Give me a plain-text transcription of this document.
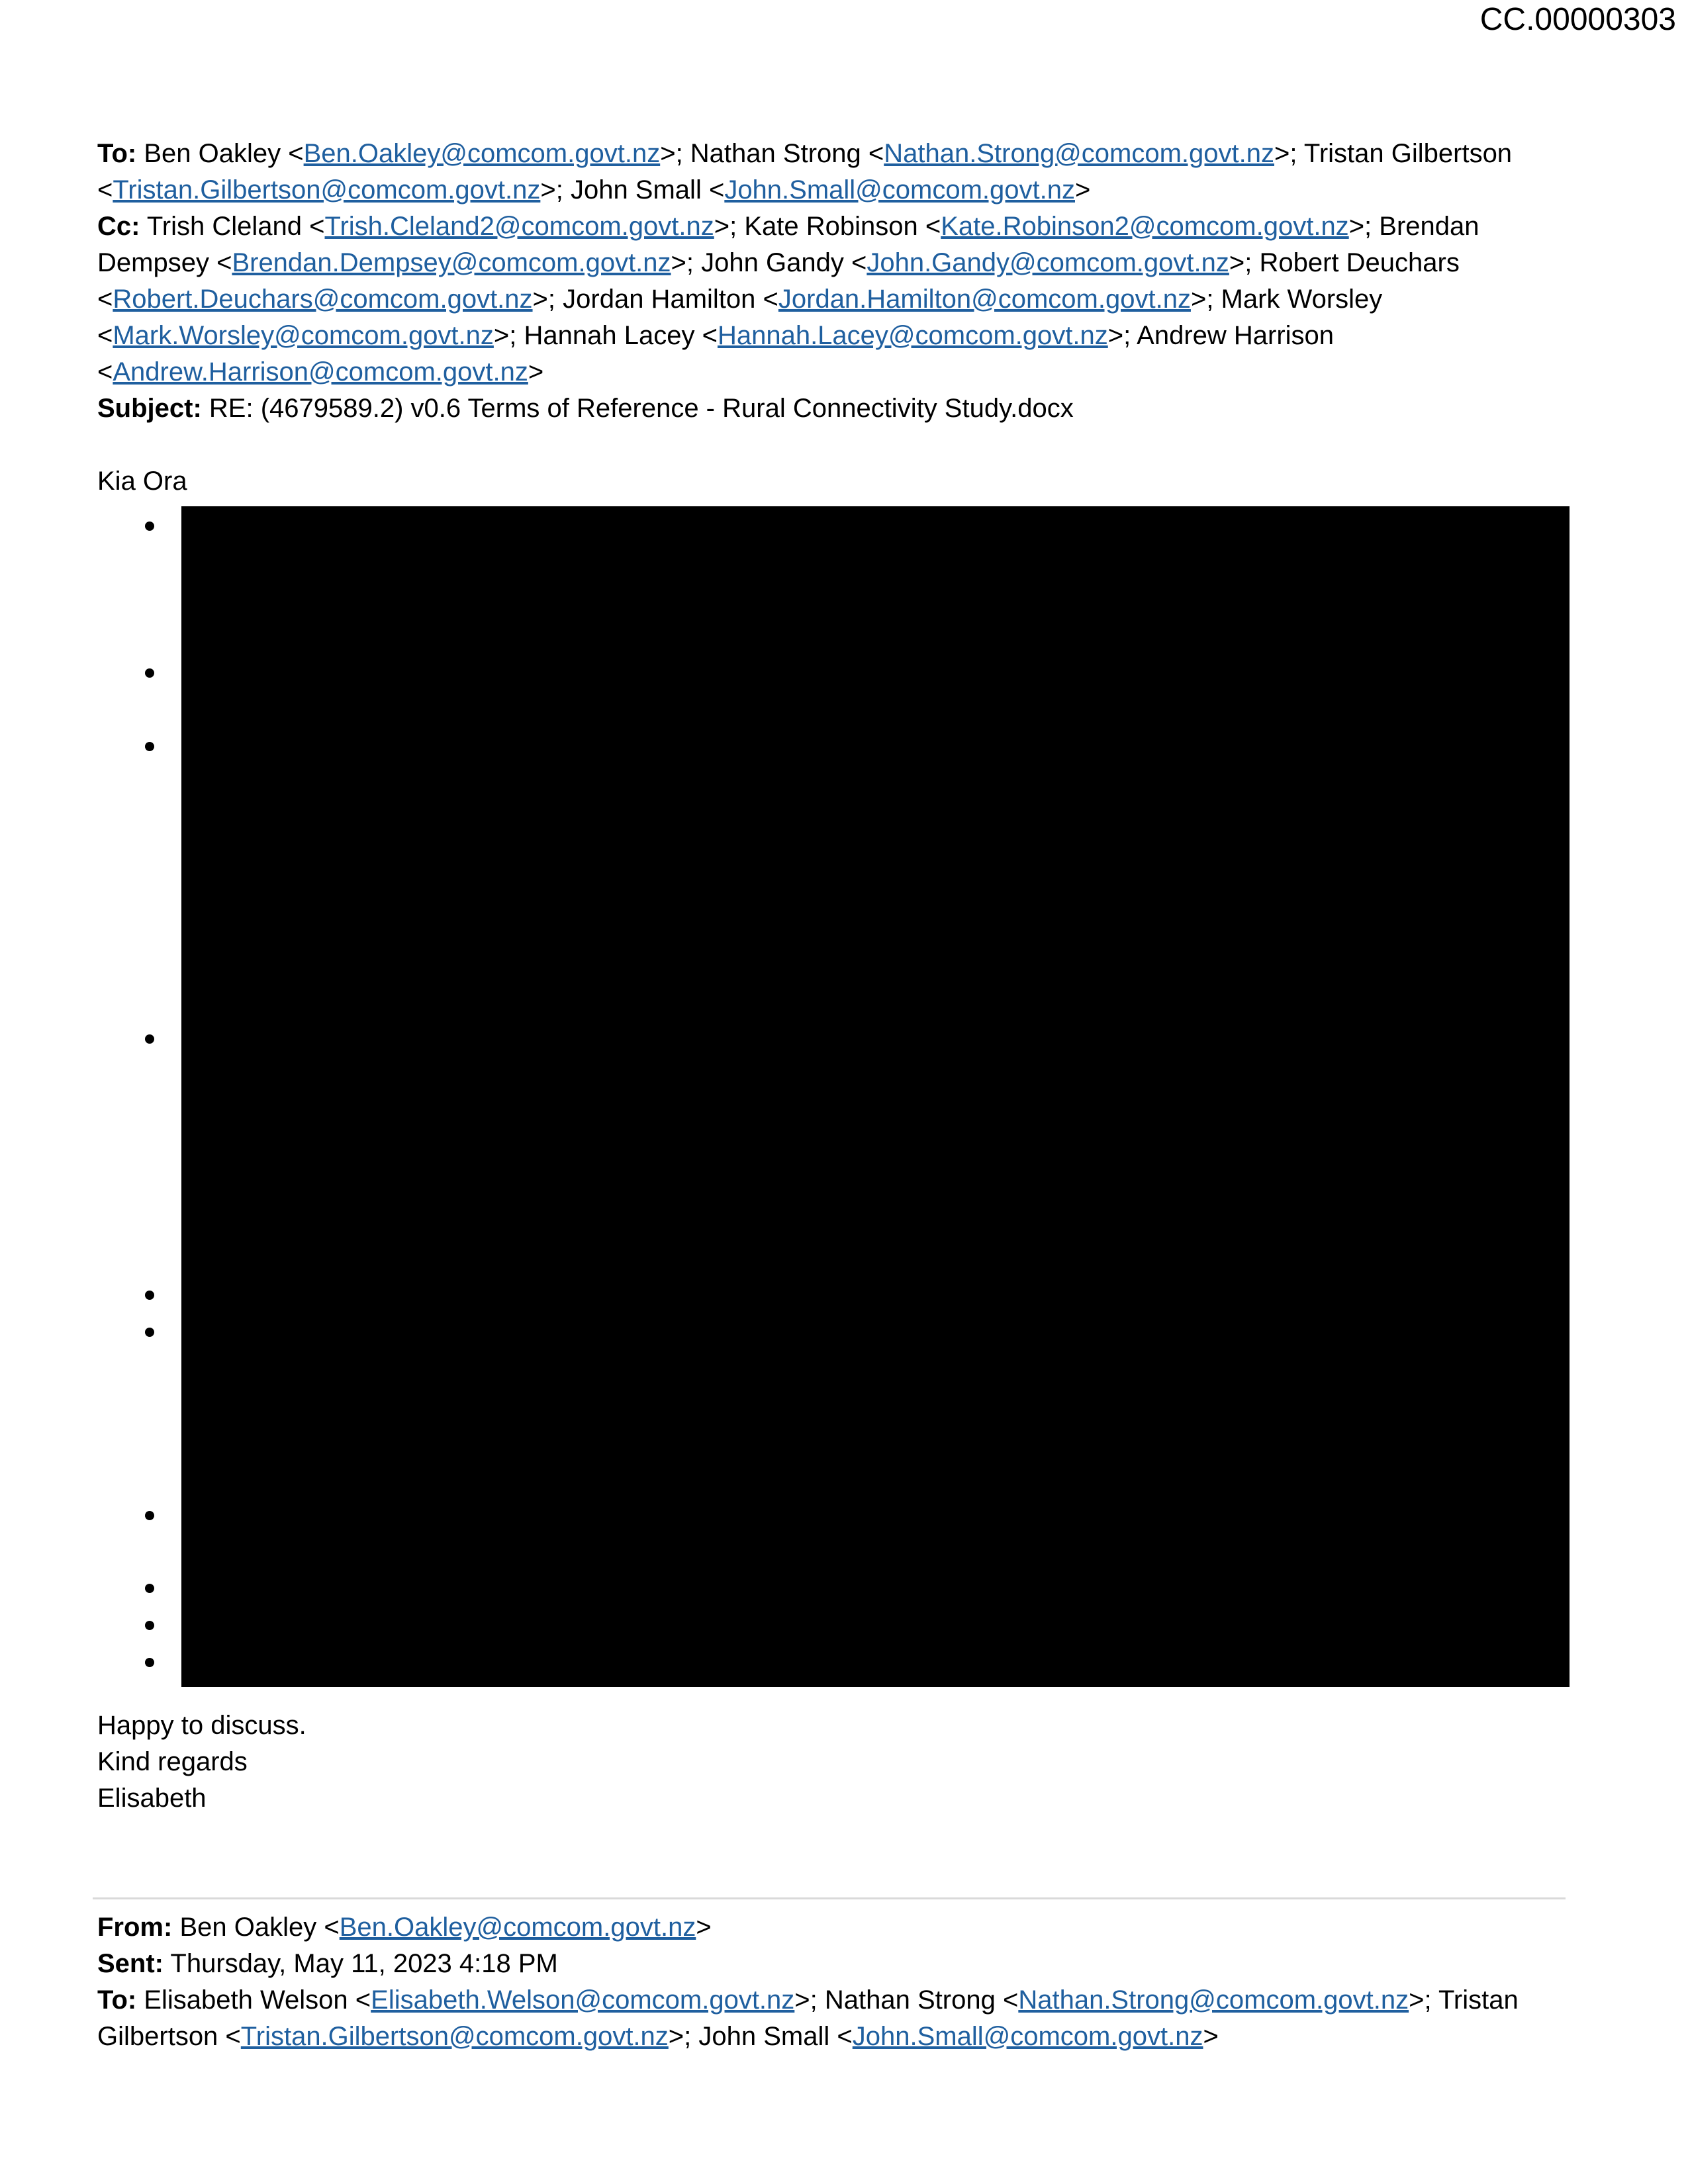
CC.00000303
To: Ben Oakley <Ben.Oakley@comcom.govt.nz>; Nathan Strong <Nathan.Strong@comcom.govt.nz>; Tristan Gilbertson
<Tristan.Gilbertson@comcom.govt.nz>; John Small <John.Small@comcom.govt.nz>
Cc: Trish Cleland <Trish.Cleland2@comcom.govt.nz>; Kate Robinson <Kate.Robinson2@comcom.govt.nz>; Brendan Dempsey <Brendan.Dempsey@comcom.govt.nz>; John Gandy <John.Gandy@comcom.govt.nz>; Robert Deuchars
<Robert.Deuchars@comcom.govt.nz>; Jordan Hamilton <Jordan.Hamilton@comcom.govt.nz>; Mark Worsley
<Mark.Worsley@comcom.govt.nz>; Hannah Lacey <Hannah.Lacey@comcom.govt.nz>; Andrew Harrison
<Andrew.Harrison@comcom.govt.nz>
Subject: RE: (4679589.2) v0.6 Terms of Reference - Rural Connectivity Study.docx
Kia Ora

Happy to discuss.

Kind regards

Elisabeth

From: Ben Oakley <Ben.Oakley@comcom.govt.nz>
Sent: Thursday, May 11, 2023 4:18 PM
To: Elisabeth Welson <Elisabeth.Welson@comcom.govt.nz>; Nathan Strong <Nathan.Strong@comcom.govt.nz>; Tristan Gilbertson <Tristan.Gilbertson@comcom.govt.nz>; John Small <John.Small@comcom.govt.nz>
